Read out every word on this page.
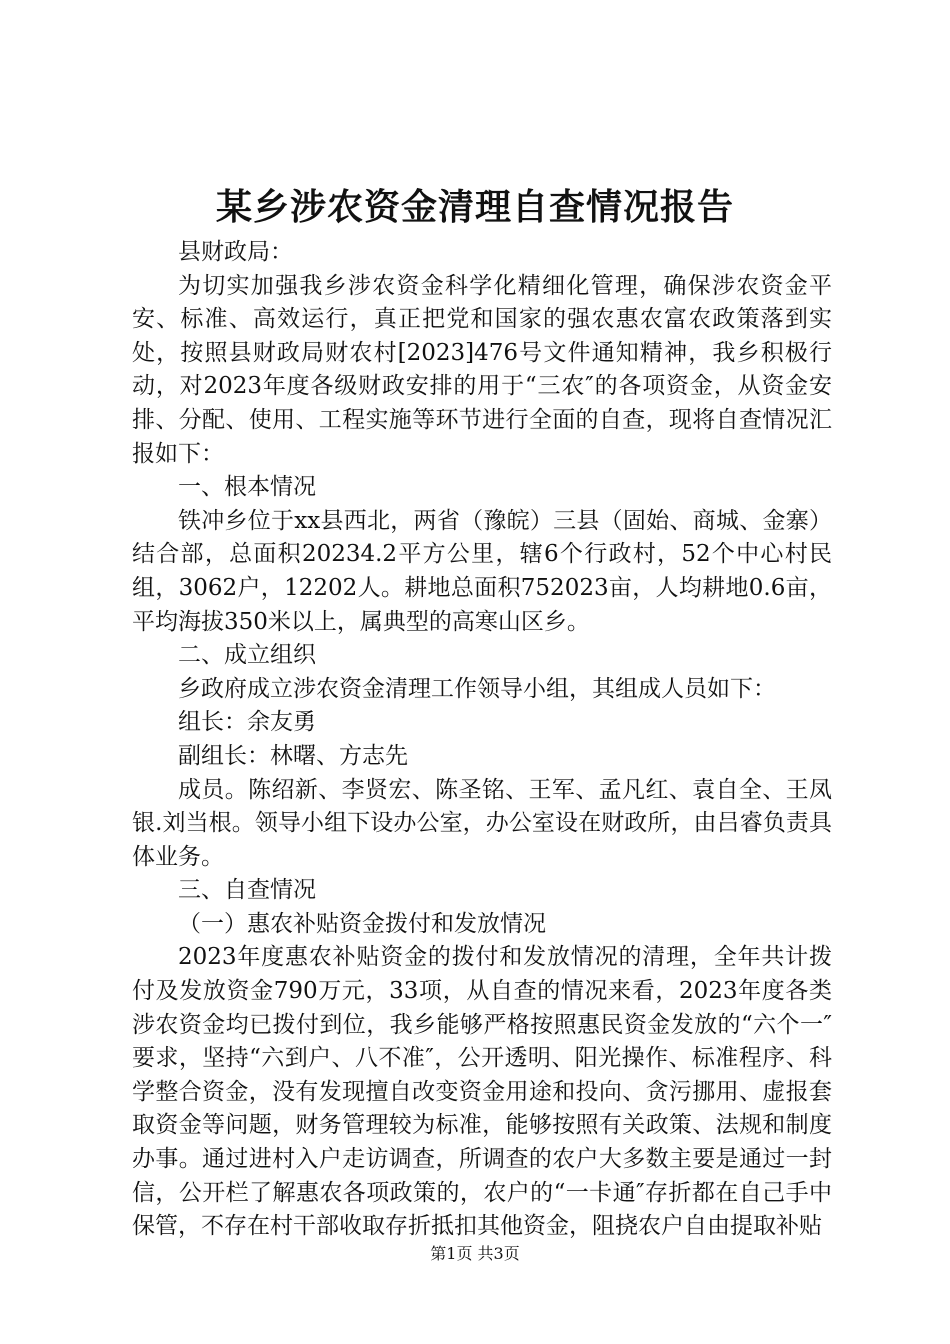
某乡涉农资金清理自查情况报告

县财政局：

为切实加强我乡涉农资金科学化精细化管理，确保涉农资金平安、标准、高效运行，真正把党和国家的强农惠农富农政策落到实处，按照县财政局财农村[2023]476号文件通知精神，我乡积极行动，对2023年度各级财政安排的用于“三农″的各项资金，从资金安排、分配、使用、工程实施等环节进行全面的自查，现将自查情况汇报如下：

一、根本情况

铁冲乡位于xx县西北，两省（豫皖）三县（固始、商城、金寨）结合部，总面积20234.2平方公里，辖6个行政村，52个中心村民组，3062户，12202人。耕地总面积752023亩，人均耕地0.6亩，平均海拔350米以上，属典型的高寒山区乡。

二、成立组织

乡政府成立涉农资金清理工作领导小组，其组成人员如下：

组长：余友勇

副组长：林曙、方志先

成员。陈绍新、李贤宏、陈圣铭、王军、孟凡红、袁自全、王凤银.刘当根。领导小组下设办公室，办公室设在财政所，由吕睿负责具体业务。

三、自查情况

（一）惠农补贴资金拨付和发放情况

2023年度惠农补贴资金的拨付和发放情况的清理，全年共计拨付及发放资金790万元，33项，从自查的情况来看，2023年度各类涉农资金均已拨付到位，我乡能够严格按照惠民资金发放的“六个一″要求，坚持“六到户、八不准″，公开透明、阳光操作、标准程序、科学整合资金，没有发现擅自改变资金用途和投向、贪污挪用、虚报套取资金等问题，财务管理较为标准，能够按照有关政策、法规和制度办事。通过进村入户走访调查，所调查的农户大多数主要是通过一封信，公开栏了解惠农各项政策的，农户的“一卡通″存折都在自己手中保管，不存在村干部收取存折抵扣其他资金，阻挠农户自由提取补贴

第1页 共3页
